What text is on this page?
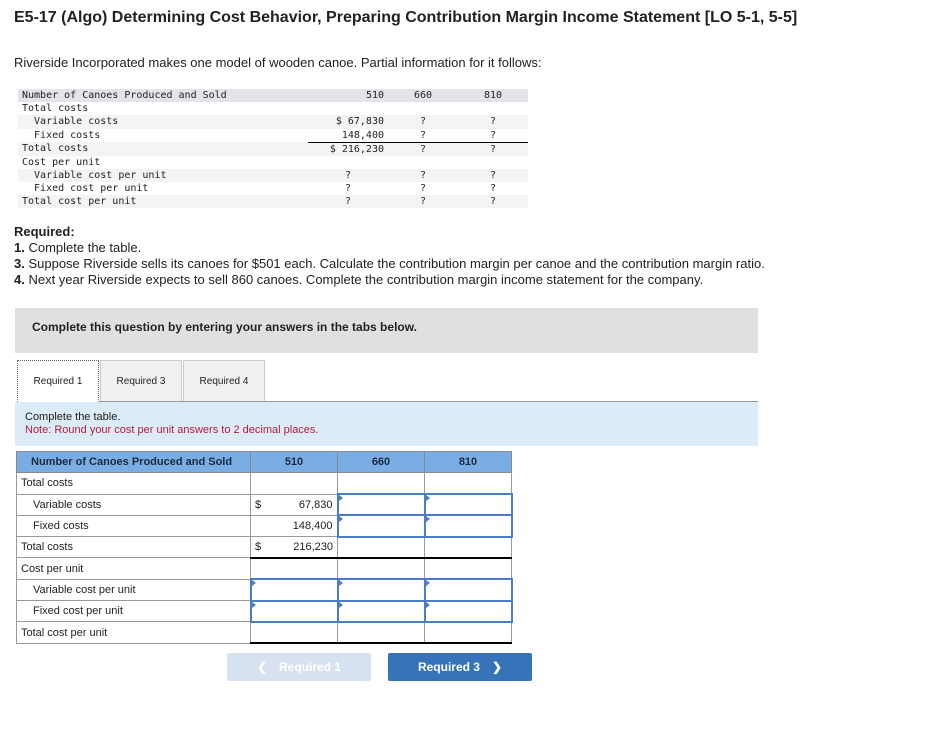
E5-17 (Algo) Determining Cost Behavior, Preparing Contribution Margin Income Statement [LO 5-1, 5-5]
Riverside Incorporated makes one model of wooden canoe. Partial information for it follows:
Number of Canoes Produced and Sold	510	660	810
Total costs			
Variable costs	$ 67,830	?	?
Fixed costs	148,400	?	?
Total costs	$ 216,230	?	?
Cost per unit			
Variable cost per unit	?	?	?
Fixed cost per unit	?	?	?
Total cost per unit	?	?	?
Required:
1. Complete the table.
3. Suppose Riverside sells its canoes for $501 each. Calculate the contribution margin per canoe and the contribution margin ratio.
4. Next year Riverside expects to sell 860 canoes. Complete the contribution margin income statement for the company.
Complete this question by entering your answers in the tabs below.
Required 1	Required 3	Required 4
Complete the table.
Note: Round your cost per unit answers to 2 decimal places.
Number of Canoes Produced and Sold	510	660	810
Total costs			
Variable costs	$ 67,830		

Fixed costs	148,400		
Total costs	$ 216,230		

Cost per unit			
Variable cost per unit			
Fixed cost per unit			
Total cost per unit			
❮ Required 1	Required 3 ❯
